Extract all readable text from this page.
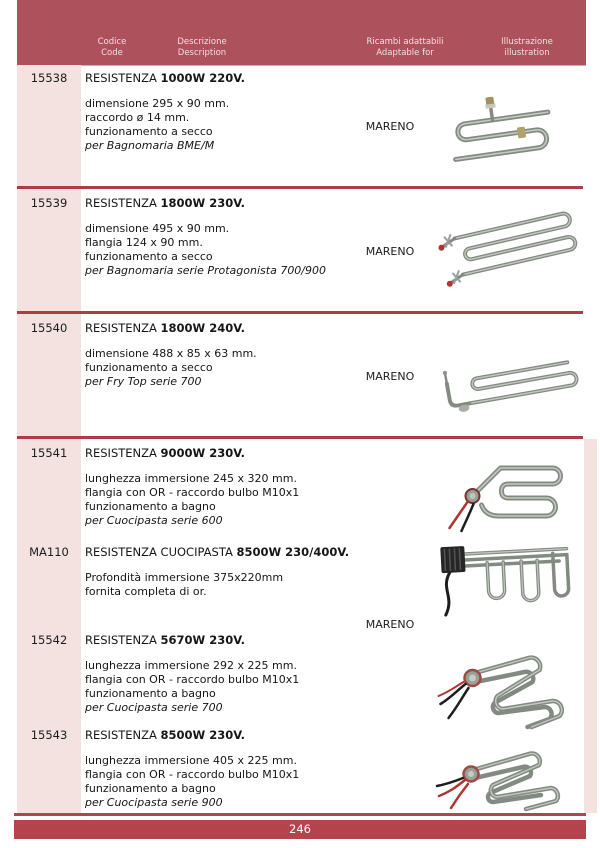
Codice
Code
Descrizione
Description
Ricambi adattabili
Adaptable for
Illustrazione
illustration
15538	RESISTENZA 1000W 220V.
dimensione 295 x 90 mm.
raccordo ø 14 mm.
funzionamento a secco
per Bagnomaria BME/M
MARENO
15539	RESISTENZA 1800W 230V.
dimensione 495 x 90 mm.
flangia 124 x 90 mm.
funzionamento a secco
per Bagnomaria serie Protagonista 700/900
MARENO
15540	RESISTENZA 1800W 240V.
dimensione 488 x 85 x 63 mm.
funzionamento a secco
per Fry Top serie 700	MARENO
15541	RESISTENZA 9000W 230V.
lunghezza immersione 245 x 320 mm.
flangia con OR - raccordo bulbo M10x1
funzionamento a bagno
per Cuocipasta serie 600
MA110	RESISTENZA CUOCIPASTA 8500W 230/400V.
Profondità immersione 375x220mm
fornita completa di or.
MARENO
15542	RESISTENZA 5670W 230V.
lunghezza immersione 292 x 225 mm.
flangia con OR - raccordo bulbo M10x1
funzionamento a bagno
per Cuocipasta serie 700
15543	RESISTENZA 8500W 230V.
lunghezza immersione 405 x 225 mm.
flangia con OR - raccordo bulbo M10x1
funzionamento a bagno
per Cuocipasta serie 900
246
